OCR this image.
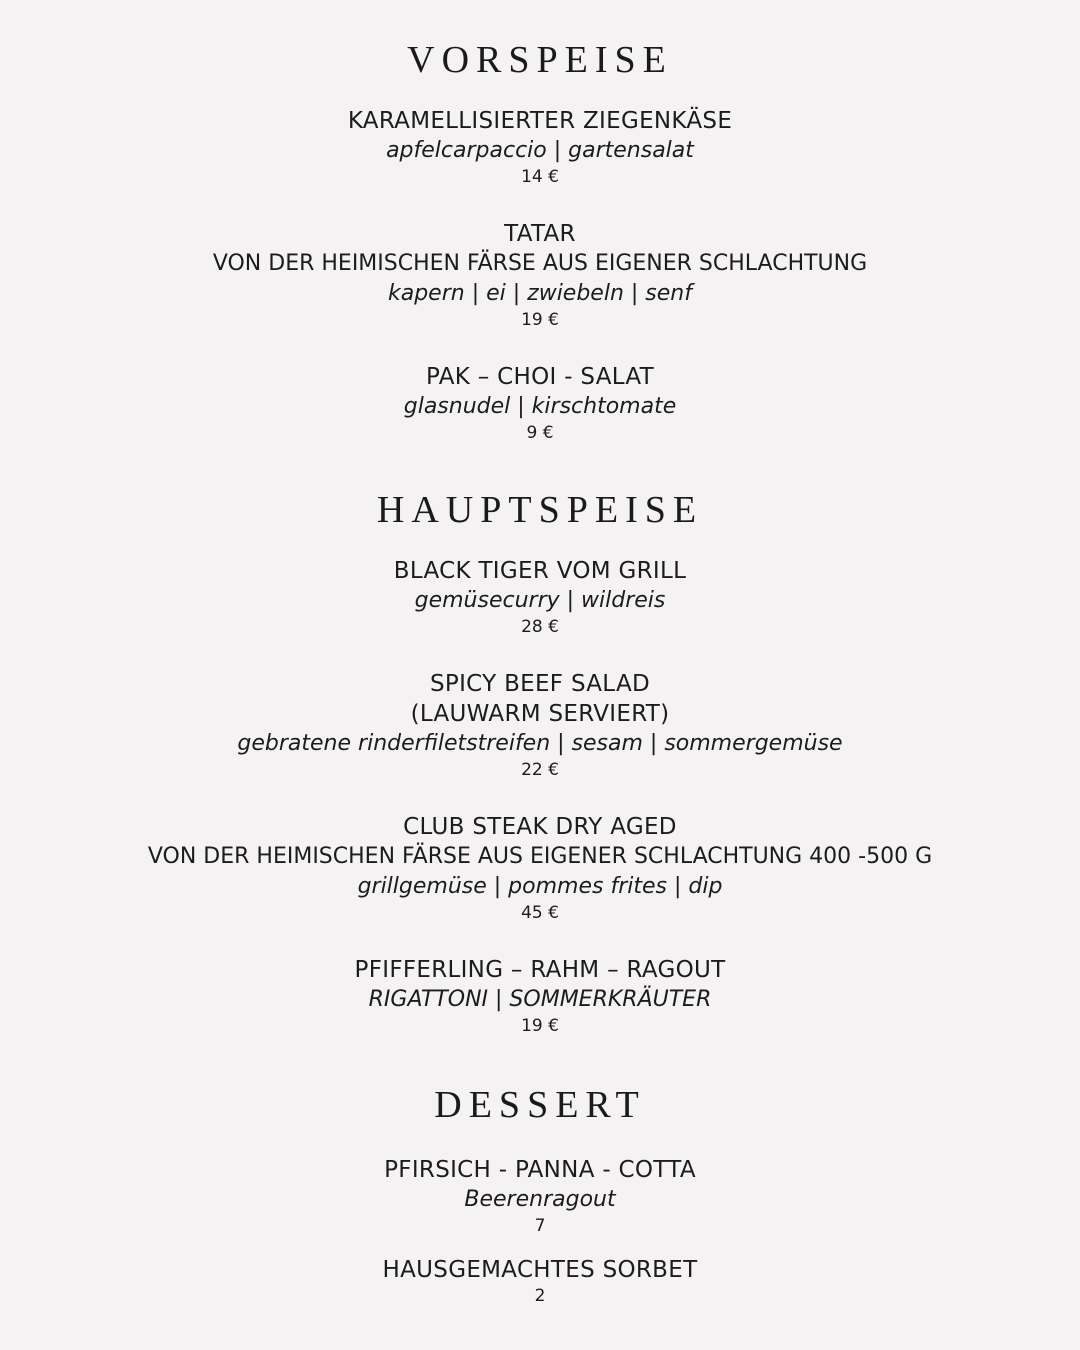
VORSPEISE
KARAMELLISIERTER ZIEGENKÄSE
apfelcarpaccio | gartensalat
14 €
TATAR
VON DER HEIMISCHEN FÄRSE AUS EIGENER SCHLACHTUNG
kapern | ei | zwiebeln | senf
19 €
PAK – CHOI - SALAT
glasnudel | kirschtomate
9 €
HAUPTSPEISE
BLACK TIGER VOM GRILL
gemüsecurry | wildreis
28 €
SPICY BEEF SALAD
(LAUWARM SERVIERT)
gebratene rinderfiletstreifen | sesam | sommergemüse
22 €
CLUB STEAK DRY AGED
VON DER HEIMISCHEN FÄRSE AUS EIGENER SCHLACHTUNG 400 -500 G
grillgemüse | pommes frites | dip
45 €
PFIFFERLING – RAHM – RAGOUT
RIGATTONI | SOMMERKRÄUTER
19 €
DESSERT
PFIRSICH - PANNA - COTTA
Beerenragout
7
HAUSGEMACHTES SORBET
2
